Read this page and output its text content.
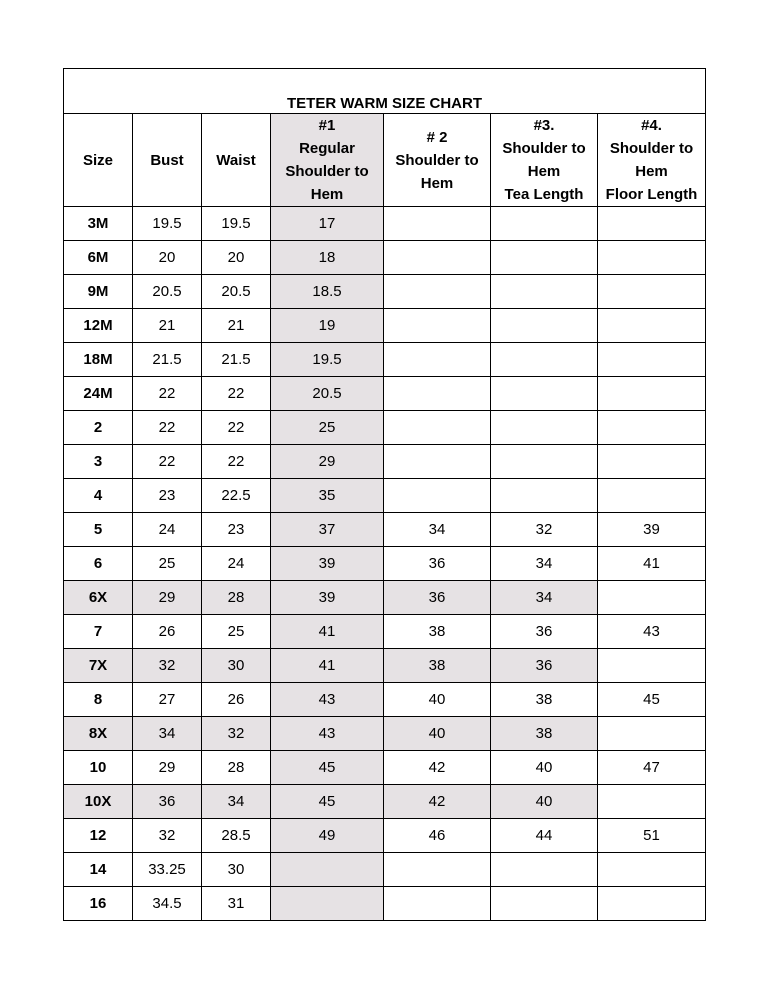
TETER WARM SIZE CHART						

Size	Bust	Waist	#1
Regular
Shoulder to
Hem	# 2
Shoulder to
Hem	#3.
Shoulder to
Hem
Tea Length	#4.
Shoulder to
Hem
Floor Length

3M	19.5	19.5	17			
6M	20	20	18			
9M	20.5	20.5	18.5			
12M	21	21	19			
18M	21.5	21.5	19.5			
24M	22	22	20.5			
2	22	22	25			
3	22	22	29			
4	23	22.5	35			
5	24	23	37	34	32	39
6	25	24	39	36	34	41
6X	29	28	39	36	34	
7	26	25	41	38	36	43
7X	32	30	41	38	36	
8	27	26	43	40	38	45
8X	34	32	43	40	38	
10	29	28	45	42	40	47
10X	36	34	45	42	40	
12	32	28.5	49	46	44	51
14	33.25	30				
16	34.5	31				
